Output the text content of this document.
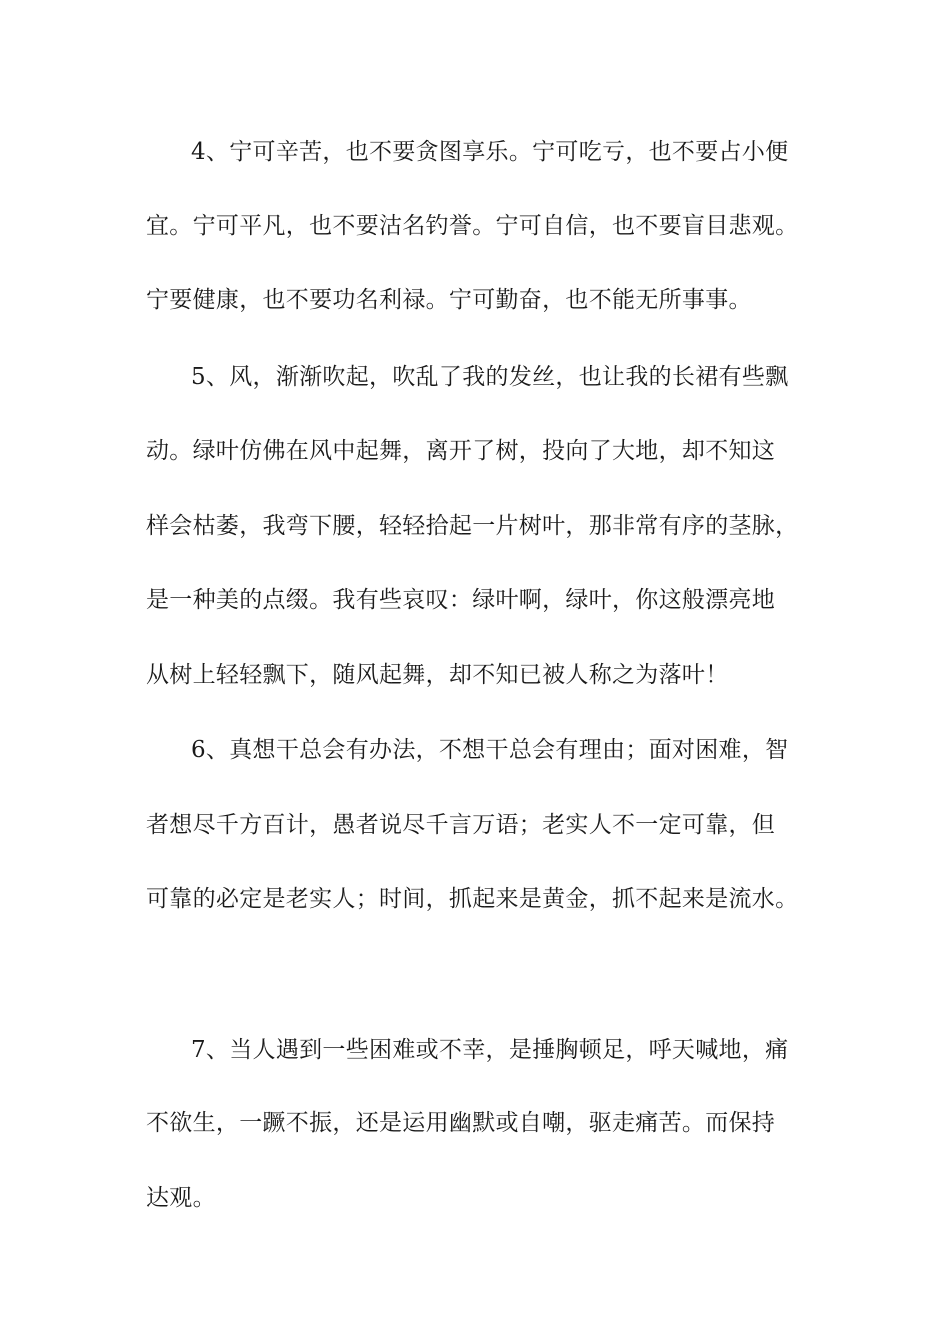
4、宁可辛苦，也不要贪图享乐。宁可吃亏，也不要占小便

宜。宁可平凡，也不要沽名钓誉。宁可自信，也不要盲目悲观。

宁要健康，也不要功名利禄。宁可勤奋，也不能无所事事。

5、风，渐渐吹起，吹乱了我的发丝，也让我的长裙有些飘

动。绿叶仿佛在风中起舞，离开了树，投向了大地，却不知这

样会枯萎，我弯下腰，轻轻拾起一片树叶，那非常有序的茎脉，

是一种美的点缀。我有些哀叹：绿叶啊，绿叶，你这般漂亮地

从树上轻轻飘下，随风起舞，却不知已被人称之为落叶！

6、真想干总会有办法，不想干总会有理由；面对困难，智

者想尽千方百计，愚者说尽千言万语；老实人不一定可靠，但

可靠的必定是老实人；时间，抓起来是黄金，抓不起来是流水。

7、当人遇到一些困难或不幸，是捶胸顿足，呼天喊地，痛

不欲生，一蹶不振，还是运用幽默或自嘲，驱走痛苦。而保持

达观。
